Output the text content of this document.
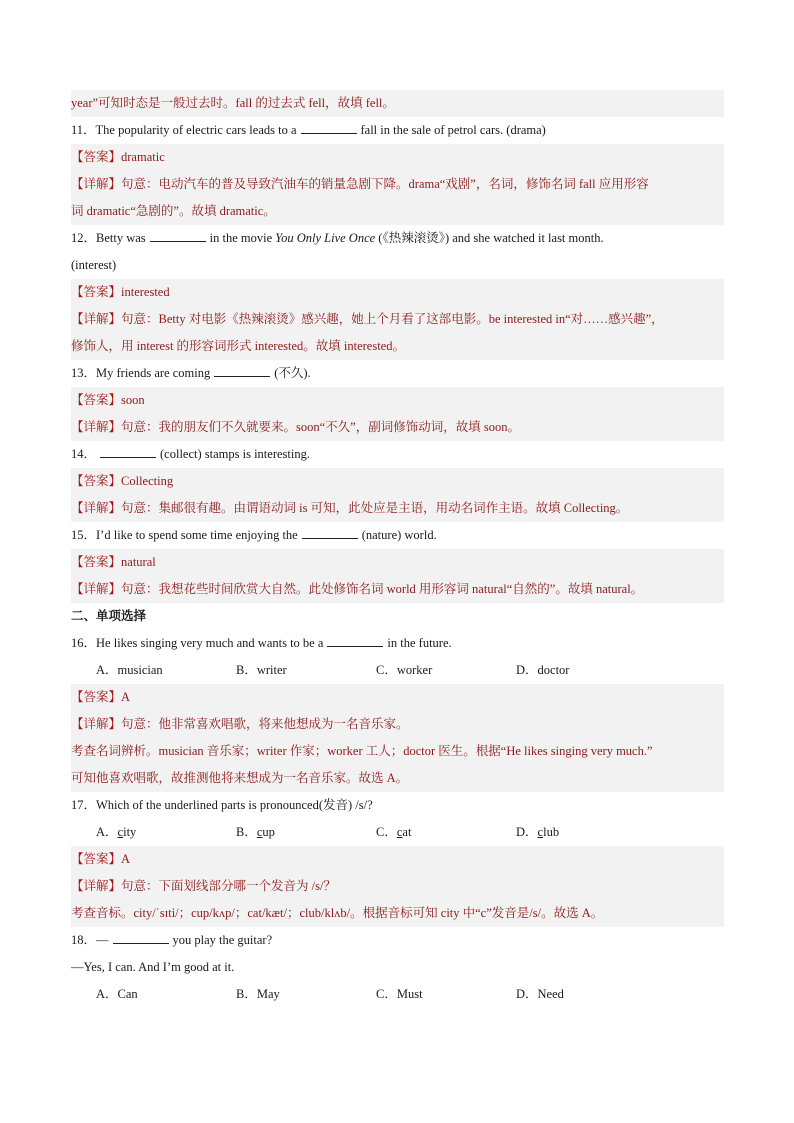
year”可知时态是一般过去时。fall 的过去式 fell，故填 fell。
11．The popularity of electric cars leads to a	fall in the sale of petrol cars. (drama)
【答案】dramatic
【详解】句意：电动汽车的普及导致汽油车的销量急剧下降。drama“戏剧”，名词，修饰名词 fall 应用形容
词 dramatic“急剧的”。故填 dramatic。
12．Betty was	in the movie You Only Live Once (《热辣滚烫》) and she watched it last month.
(interest)
【答案】interested
【详解】句意：Betty 对电影《热辣滚烫》感兴趣，她上个月看了这部电影。be interested in“对……感兴趣”，
修饰人，用 interest 的形容词形式 interested。故填 interested。
13．My friends are coming	(不久).
【答案】soon
【详解】句意：我的朋友们不久就要来。soon“不久”，副词修饰动词，故填 soon。
14．	(collect) stamps is interesting.
【答案】Collecting
【详解】句意：集邮很有趣。由谓语动词 is 可知，此处应是主语，用动名词作主语。故填 Collecting。
15．I’d like to spend some time enjoying the	(nature) world.
【答案】natural
【详解】句意：我想花些时间欣赏大自然。此处修饰名词 world 用形容词 natural“自然的”。故填 natural。
二、单项选择
16．He likes singing very much and wants to be a	in the future.
A．musician	B．writer	C．worker	D．doctor
【答案】A
【详解】句意：他非常喜欢唱歌，将来他想成为一名音乐家。
考查名词辨析。musician 音乐家；writer 作家；worker 工人；doctor 医生。根据“He likes singing very much.”
可知他喜欢唱歌，故推测他将来想成为一名音乐家。故选 A。
17．Which of the underlined parts is pronounced(发音) /s/?
A．city	B．cup	C．cat	D．club
【答案】A
【详解】句意：下面划线部分哪一个发音为 /s/？
考查音标。city/ˈsɪti/；cup/kʌp/；cat/kæt/；club/klʌb/。根据音标可知 city 中“c”发音是/s/。故选 A。
18．—	you play the guitar?
—Yes, I can. And I’m good at it.
A．Can	B．May	C．Must	D．Need
